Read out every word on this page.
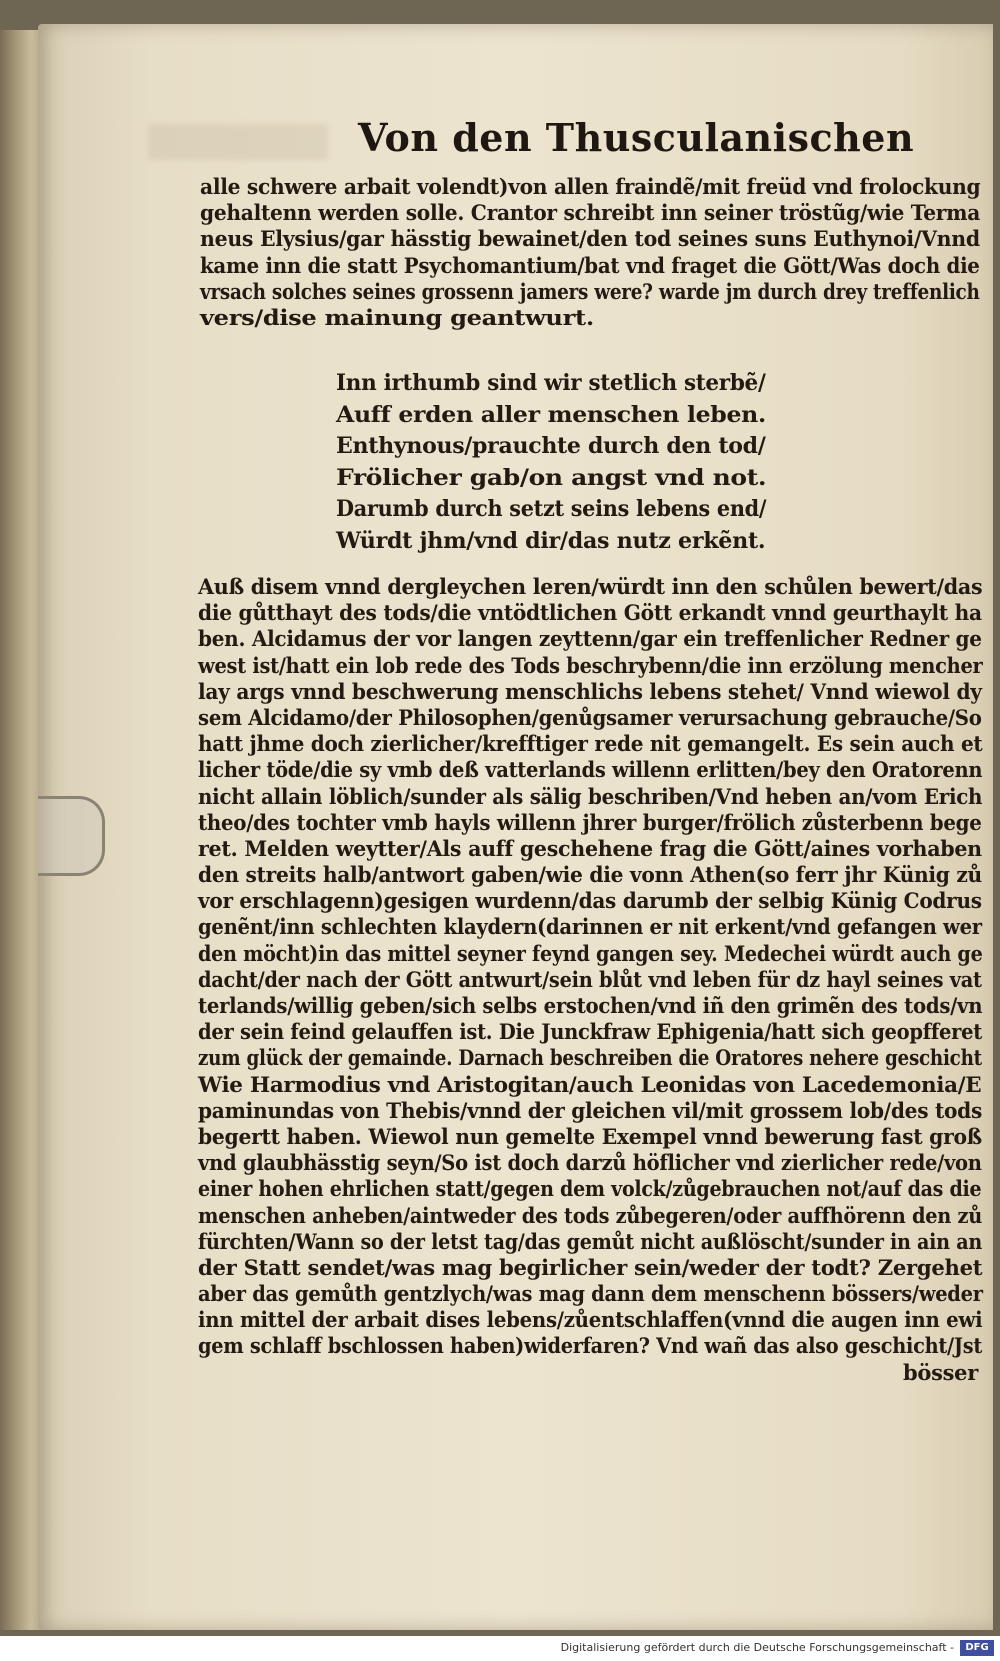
Von den Thusculanischen
alle schwere arbait volendt)von allen fraindẽ/mit freüd vnd frolockung
gehaltenn werden solle. Crantor schreibt inn seiner tröstũg/wie Terma
neus Elysius/gar hässtig bewainet/den tod seines suns Euthynoi/Vnnd
kame inn die statt Psychomantium/bat vnd fraget die Gött/Was doch die
vrsach solches seines grossenn jamers were? warde jm durch drey treffenlich
vers/dise mainung geantwurt.
Inn irthumb sind wir stetlich sterbẽ/
Auff erden aller menschen leben.
Enthynous/prauchte durch den tod/
Frölicher gab/on angst vnd not.
Darumb durch setzt seins lebens end/
Würdt jhm/vnd dir/das nutz erkẽnt.
Auß disem vnnd dergleychen leren/würdt inn den schůlen bewert/das
die gůtthayt des tods/die vntödtlichen Gött erkandt vnnd geurthaylt ha
ben. Alcidamus der vor langen zeyttenn/gar ein treffenlicher Redner ge
west ist/hatt ein lob rede des Tods beschrybenn/die inn erzölung mencher
lay args vnnd beschwerung menschlichs lebens stehet/ Vnnd wiewol dy
sem Alcidamo/der Philosophen/genůgsamer verursachung gebrauche/So
hatt jhme doch zierlicher/krefftiger rede nit gemangelt. Es sein auch et
licher töde/die sy vmb deß vatterlands willenn erlitten/bey den Oratorenn
nicht allain löblich/sunder als sälig beschriben/Vnd heben an/vom Erich
theo/des tochter vmb hayls willenn jhrer burger/frölich zůsterbenn bege
ret. Melden weytter/Als auff geschehene frag die Gött/aines vorhaben
den streits halb/antwort gaben/wie die vonn Athen(so ferr jhr Künig zů
vor erschlagenn)gesigen wurdenn/das darumb der selbig Künig Codrus
genẽnt/inn schlechten klaydern(darinnen er nit erkent/vnd gefangen wer
den möcht)in das mittel seyner feynd gangen sey. Medechei würdt auch ge
dacht/der nach der Gött antwurt/sein blůt vnd leben für dz hayl seines vat
terlands/willig geben/sich selbs erstochen/vnd iñ den grimẽn des tods/vn
der sein feind gelauffen ist. Die Junckfraw Ephigenia/hatt sich geopfferet
zum glück der gemainde. Darnach beschreiben die Oratores nehere geschicht
Wie Harmodius vnd Aristogitan/auch Leonidas von Lacedemonia/E
paminundas von Thebis/vnnd der gleichen vil/mit grossem lob/des tods
begertt haben. Wiewol nun gemelte Exempel vnnd bewerung fast groß
vnd glaubhässtig seyn/So ist doch darzů höflicher vnd zierlicher rede/von
einer hohen ehrlichen statt/gegen dem volck/zůgebrauchen not/auf das die
menschen anheben/aintweder des tods zůbegeren/oder auffhörenn den zů
fürchten/Wann so der letst tag/das gemůt nicht außlöscht/sunder in ain an
der Statt sendet/was mag begirlicher sein/weder der todt? Zergehet
aber das gemůth gentzlych/was mag dann dem menschenn bössers/weder
inn mittel der arbait dises lebens/zůentschlaffen(vnnd die augen inn ewi
gem schlaff bschlossen haben)widerfaren? Vnd wañ das also geschicht/Jst
bösser
Digitalisierung gefördert durch die Deutsche Forschungsgemeinschaft -	DFG
